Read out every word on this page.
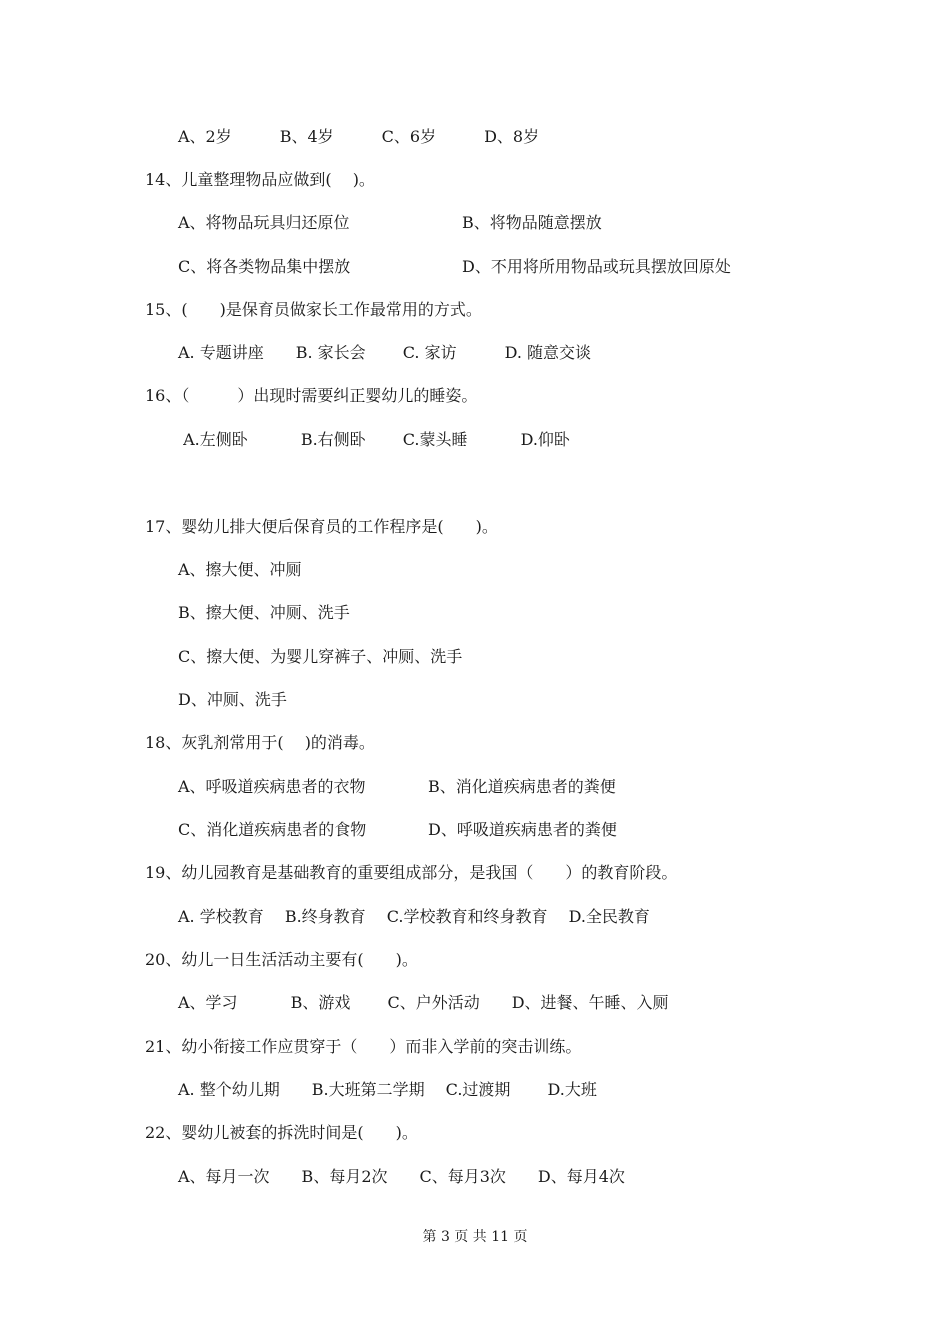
A、2岁　　　B、4岁　　　C、6岁　　　D、8岁
14、儿童整理物品应做到(　 )。
A、将物品玩具归还原位	B、将物品随意摆放
C、将各类物品集中摆放	D、不用将所用物品或玩具摆放回原处
15、(　　)是保育员做家长工作最常用的方式。
A. 专题讲座　　B. 家长会　　 C. 家访　　　D. 随意交谈
16、（　　　）出现时需要纠正婴幼儿的睡姿。
A.左侧卧　　　 B.右侧卧　　 C.蒙头睡　　　 D.仰卧
17、婴幼儿排大便后保育员的工作程序是(　　)。
A、擦大便、冲厕
B、擦大便、冲厕、洗手
C、擦大便、为婴儿穿裤子、冲厕、洗手
D、冲厕、洗手
18、灰乳剂常用于(　 )的消毒。
A、呼吸道疾病患者的衣物	B、消化道疾病患者的粪便
C、消化道疾病患者的食物	D、呼吸道疾病患者的粪便
19、幼儿园教育是基础教育的重要组成部分，是我国（　　）的教育阶段。
A. 学校教育　 B.终身教育　 C.学校教育和终身教育　 D.全民教育
20、幼儿一日生活活动主要有(　　)。
A、学习　　　 B、游戏　　 C、户外活动　　D、进餐、午睡、入厕
21、幼小衔接工作应贯穿于（　　）而非入学前的突击训练。
A. 整个幼儿期　　B.大班第二学期　 C.过渡期　　 D.大班
22、婴幼儿被套的拆洗时间是(　　)。
A、每月一次　　B、每月2次　　C、每月3次　　D、每月4次
第 3 页 共 11 页
